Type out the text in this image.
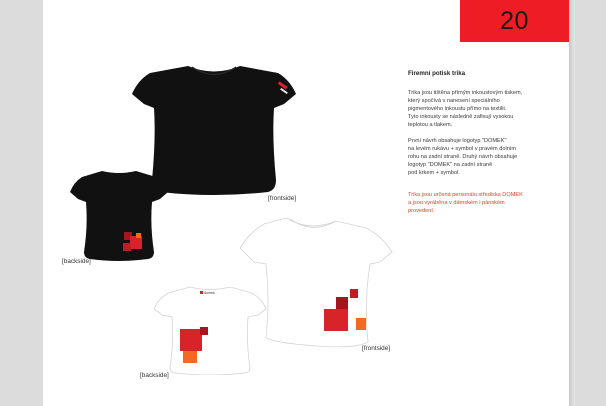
20
[frontside]
[backside]
[frontside]
domek
[backside]
Firemní potisk trika
Trika jsou tištěna přímým inkoustovým tiskem,
který spočívá v nanesení speciálního
pigmentového inkoustu přímo na textilii.
Tyto inkousty se následně zafixují vysokou
teplotou a tlakem.
První návrh obsahuje logotyp "DOMEK"
na levém rukávu + symbol v pravém dolním
rohu na zadní straně. Druhý návrh obsahuje
logotyp "DOMEK" na zadní straně
pod krkem + symbol.
Trika jsou určená personálu střediska DOMEK
a jsou vyráběna v dámském i pánském
provedení.
